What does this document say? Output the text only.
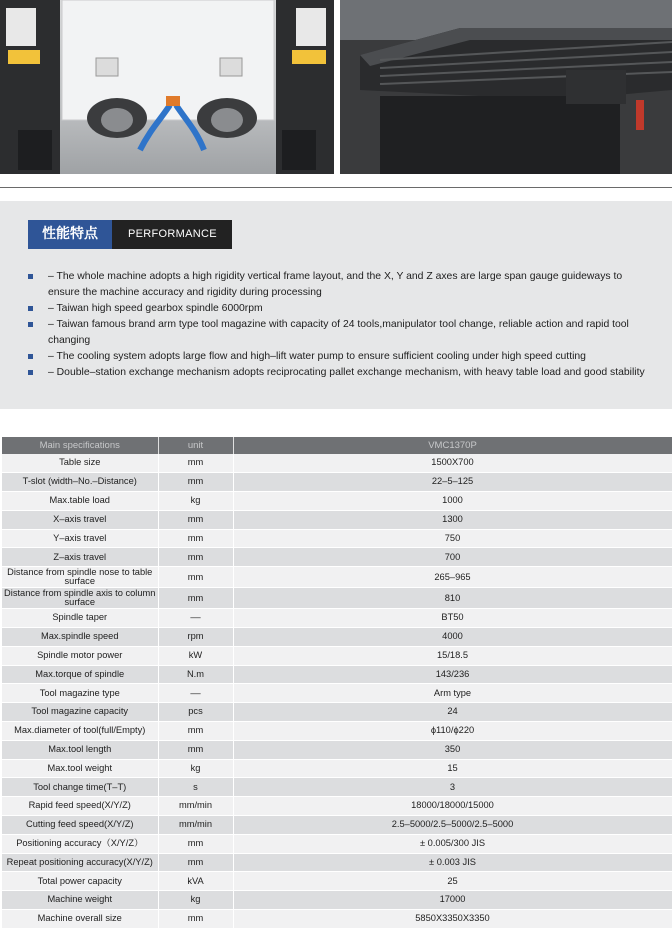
性能特点	PERFORMANCE
– The whole machine adopts a high rigidity vertical frame layout, and the X, Y and Z axes are large span gauge guideways to ensure the machine accuracy and rigidity during processing
– Taiwan high speed gearbox spindle 6000rpm
– Taiwan famous brand arm type tool magazine with capacity of 24 tools,manipulator tool change, reliable action and rapid tool changing
– The cooling system adopts large flow and high–lift water pump to ensure sufficient cooling under high speed cutting
– Double–station exchange mechanism adopts reciprocating pallet exchange mechanism, with heavy table load and good stability
Main specifications	unit	VMC1370P
Table size	mm	1500X700
T-slot (width–No.–Distance)	mm	22–5–125
Max.table load	kg	1000
X–axis travel	mm	1300
Y–axis travel	mm	750
Z–axis travel	mm	700
Distance from spindle nose to table surface	mm	265–965
Distance from spindle axis to column surface	mm	810
Spindle taper	––	BT50
Max.spindle speed	rpm	4000
Spindle motor power	kW	15/18.5
Max.torque of spindle	N.m	143/236
Tool magazine type	––	Arm type
Tool magazine capacity	pcs	24
Max.diameter of tool(full/Empty)	mm	ϕ110/ϕ220
Max.tool length	mm	350
Max.tool weight	kg	15
Tool change time(T–T)	s	3
Rapid feed speed(X/Y/Z)	mm/min	18000/18000/15000
Cutting feed speed(X/Y/Z)	mm/min	2.5–5000/2.5–5000/2.5–5000
Positioning accuracy（X/Y/Z）	mm	± 0.005/300 JIS
Repeat positioning accuracy(X/Y/Z)	mm	± 0.003 JIS
Total power capacity	kVA	25
Machine weight	kg	17000
Machine overall size	mm	5850X3350X3350
